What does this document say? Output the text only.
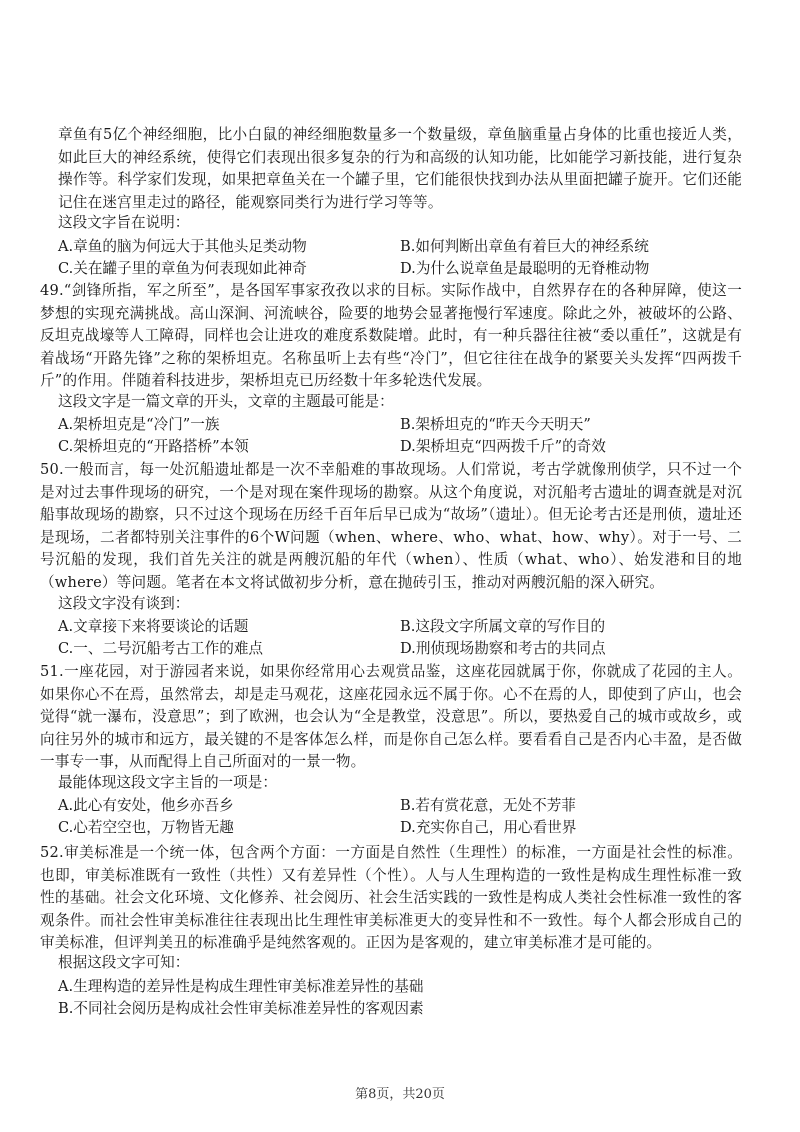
章鱼有5亿个神经细胞，比小白鼠的神经细胞数量多一个数量级，章鱼脑重量占身体的比重也接近人类，如此巨大的神经系统，使得它们表现出很多复杂的行为和高级的认知功能，比如能学习新技能，进行复杂操作等。科学家们发现，如果把章鱼关在一个罐子里，它们能很快找到办法从里面把罐子旋开。它们还能记住在迷宫里走过的路径，能观察同类行为进行学习等等。

这段文字旨在说明：

A.章鱼的脑为何远大于其他头足类动物	B.如何判断出章鱼有着巨大的神经系统

C.关在罐子里的章鱼为何表现如此神奇	D.为什么说章鱼是最聪明的无脊椎动物

49.“剑锋所指，军之所至”，是各国军事家孜孜以求的目标。实际作战中，自然界存在的各种屏障，使这一梦想的实现充满挑战。高山深涧、河流峡谷，险要的地势会显著拖慢行军速度。除此之外，被破坏的公路、反坦克战壕等人工障碍，同样也会让进攻的难度系数陡增。此时，有一种兵器往往被“委以重任”，这就是有着战场“开路先锋”之称的架桥坦克。名称虽听上去有些“冷门”，但它往往在战争的紧要关头发挥“四两拨千斤”的作用。伴随着科技进步，架桥坦克已历经数十年多轮迭代发展。

这段文字是一篇文章的开头，文章的主题最可能是：

A.架桥坦克是“冷门”一族	B.架桥坦克的“昨天今天明天”

C.架桥坦克的“开路搭桥”本领	D.架桥坦克“四两拨千斤”的奇效

50.一般而言，每一处沉船遗址都是一次不幸船难的事故现场。人们常说，考古学就像刑侦学，只不过一个是对过去事件现场的研究，一个是对现在案件现场的勘察。从这个角度说，对沉船考古遗址的调查就是对沉船事故现场的勘察，只不过这个现场在历经千百年后早已成为“故场”（遗址）。但无论考古还是刑侦，遗址还是现场，二者都特别关注事件的6个W问题（when、where、who、what、how、why）。对于一号、二号沉船的发现，我们首先关注的就是两艘沉船的年代（when）、性质（what、who）、始发港和目的地（where）等问题。笔者在本文将试做初步分析，意在抛砖引玉，推动对两艘沉船的深入研究。

这段文字没有谈到：

A.文章接下来将要谈论的话题	B.这段文字所属文章的写作目的

C.一、二号沉船考古工作的难点	D.刑侦现场勘察和考古的共同点

51.一座花园，对于游园者来说，如果你经常用心去观赏品鉴，这座花园就属于你，你就成了花园的主人。如果你心不在焉，虽然常去，却是走马观花，这座花园永远不属于你。心不在焉的人，即使到了庐山，也会觉得“就一瀑布，没意思”；到了欧洲，也会认为“全是教堂，没意思”。所以，要热爱自己的城市或故乡，或向往另外的城市和远方，最关键的不是客体怎么样，而是你自己怎么样。要看看自己是否内心丰盈，是否做一事专一事，从而配得上自己所面对的一景一物。

最能体现这段文字主旨的一项是：

A.此心有安处，他乡亦吾乡	B.若有赏花意，无处不芳菲

C.心若空空也，万物皆无趣	D.充实你自己，用心看世界

52.审美标准是一个统一体，包含两个方面：一方面是自然性（生理性）的标准，一方面是社会性的标准。也即，审美标准既有一致性（共性）又有差异性（个性）。人与人生理构造的一致性是构成生理性标准一致性的基础。社会文化环境、文化修养、社会阅历、社会生活实践的一致性是构成人类社会性标准一致性的客观条件。而社会性审美标准往往表现出比生理性审美标准更大的变异性和不一致性。每个人都会形成自己的审美标准，但评判美丑的标准确乎是纯然客观的。正因为是客观的，建立审美标准才是可能的。

根据这段文字可知：

A.生理构造的差异性是构成生理性审美标准差异性的基础

B.不同社会阅历是构成社会性审美标准差异性的客观因素

第8页，共20页
